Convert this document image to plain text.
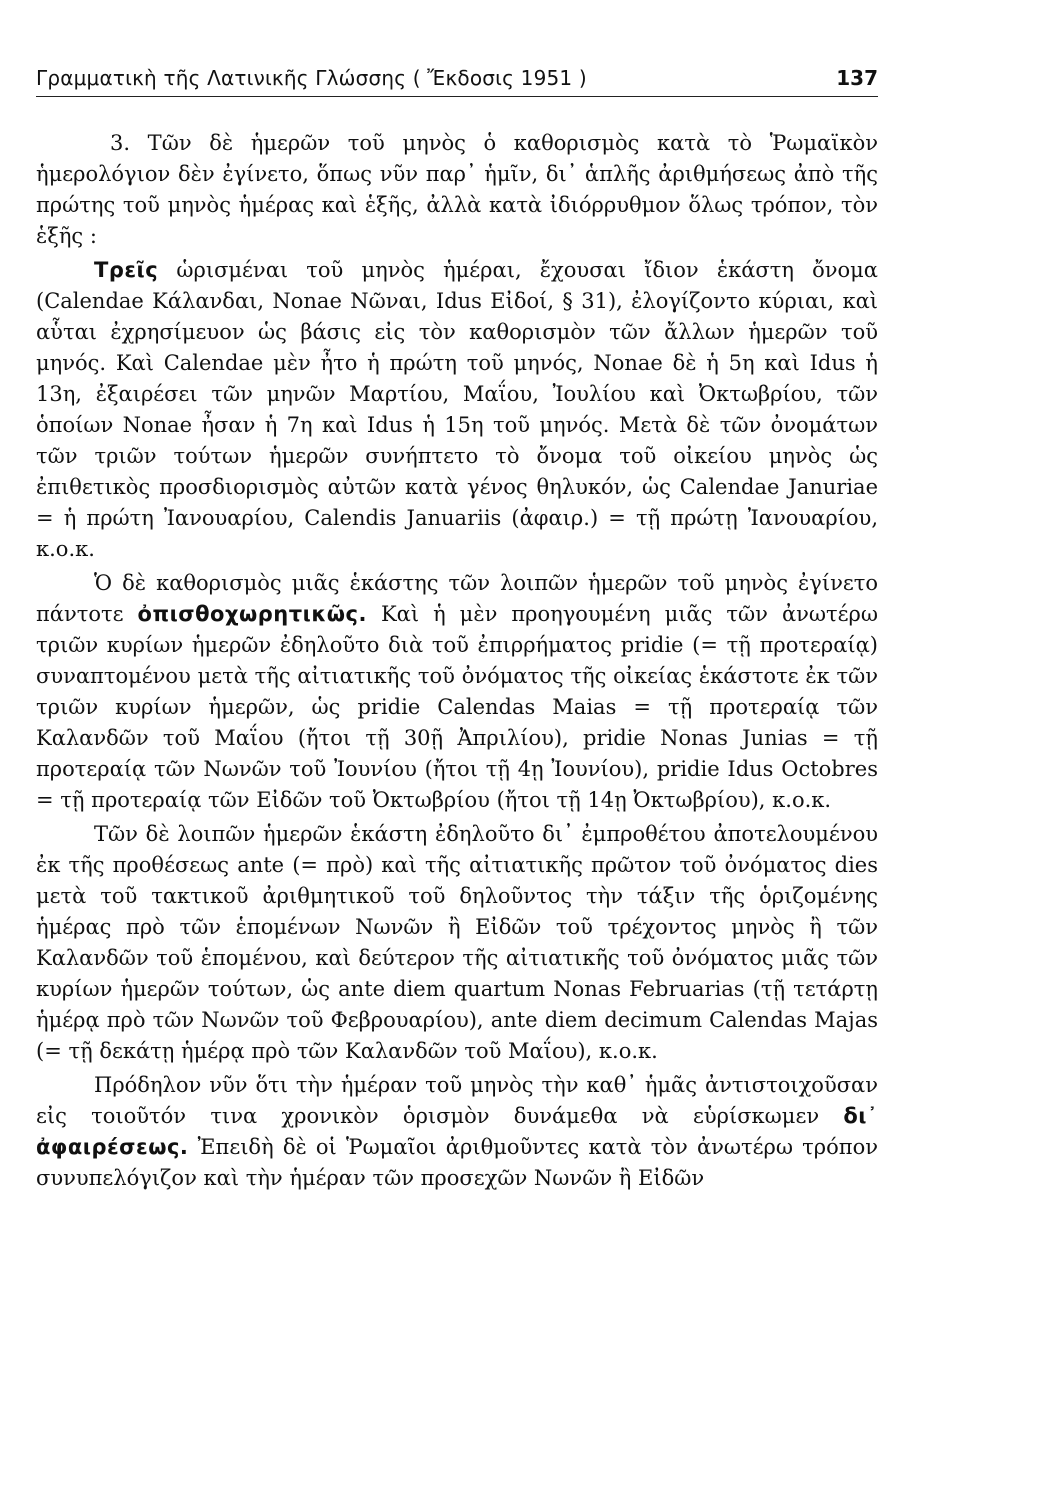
Γραμματικὴ τῆς Λατινικῆς Γλώσσης ( Ἔκδοσις 1951 )	137

3. Τῶν δὲ ἡμερῶν τοῦ μηνὸς ὁ καθορισμὸς κατὰ τὸ Ῥωμαϊκὸν ἡμερολόγιον δὲν ἐγίνετο, ὅπως νῦν παρ᾽ ἡμῖν, δι᾽ ἁπλῆς ἀριθμήσεως ἀπὸ τῆς πρώτης τοῦ μηνὸς ἡμέρας καὶ ἑξῆς, ἀλλὰ κατὰ ἰδιόρρυθμον ὅλως τρόπον, τὸν ἑξῆς :

Τρεῖς ὡρισμέναι τοῦ μηνὸς ἡμέραι, ἔχουσαι ἴδιον ἑκάστη ὄνομα (Calendae Κάλανδαι, Nonae Νῶναι, Idus Εἰδοί, § 31), ἐλογίζοντο κύριαι, καὶ αὗται ἐχρησίμευον ὡς βάσις εἰς τὸν καθορισμὸν τῶν ἄλλων ἡμερῶν τοῦ μηνός. Καὶ Calendae μὲν ἦτο ἡ πρώτη τοῦ μηνός, Nonae δὲ ἡ 5η καὶ Idus ἡ 13η, ἐξαιρέσει τῶν μηνῶν Μαρτίου, Μαΐου, Ἰουλίου καὶ Ὀκτωβρίου, τῶν ὁποίων Nonae ἦσαν ἡ 7η καὶ Idus ἡ 15η τοῦ μηνός. Μετὰ δὲ τῶν ὀνομάτων τῶν τριῶν τούτων ἡμερῶν συνήπτετο τὸ ὄνομα τοῦ οἰκείου μηνὸς ὡς ἐπιθετικὸς προσδιορισμὸς αὐτῶν κατὰ γένος θηλυκόν, ὡς Calendae Januriae = ἡ πρώτη Ἰανουαρίου, Calendis Januariis (ἀφαιρ.) = τῇ πρώτῃ Ἰανουαρίου, κ.ο.κ.

Ὁ δὲ καθορισμὸς μιᾶς ἑκάστης τῶν λοιπῶν ἡμερῶν τοῦ μηνὸς ἐγίνετο πάντοτε ὀπισθοχωρητικῶς. Καὶ ἡ μὲν προηγουμένη μιᾶς τῶν ἀνωτέρω τριῶν κυρίων ἡμερῶν ἐδηλοῦτο διὰ τοῦ ἐπιρρήματος pridie (= τῇ προτεραίᾳ) συναπτομένου μετὰ τῆς αἰτιατικῆς τοῦ ὀνόματος τῆς οἰκείας ἑκάστοτε ἐκ τῶν τριῶν κυρίων ἡμερῶν, ὡς pridie Calendas Maias = τῇ προτεραίᾳ τῶν Καλανδῶν τοῦ Μαΐου (ἤτοι τῇ 30ῇ Ἀπριλίου), pridie Nonas Junias = τῇ προτεραίᾳ τῶν Νωνῶν τοῦ Ἰουνίου (ἤτοι τῇ 4ῃ Ἰουνίου), pridie Idus Octobres = τῇ προτεραίᾳ τῶν Εἰδῶν τοῦ Ὀκτωβρίου (ἤτοι τῇ 14ῃ Ὀκτωβρίου), κ.ο.κ.

Τῶν δὲ λοιπῶν ἡμερῶν ἑκάστη ἐδηλοῦτο δι᾽ ἐμπροθέτου ἀποτελουμένου ἐκ τῆς προθέσεως ante (= πρὸ) καὶ τῆς αἰτιατικῆς πρῶτον τοῦ ὀνόματος dies μετὰ τοῦ τακτικοῦ ἀριθμητικοῦ τοῦ δηλοῦντος τὴν τάξιν τῆς ὁριζομένης ἡμέρας πρὸ τῶν ἑπομένων Νωνῶν ἢ Εἰδῶν τοῦ τρέχοντος μηνὸς ἢ τῶν Καλανδῶν τοῦ ἑπομένου, καὶ δεύτερον τῆς αἰτιατικῆς τοῦ ὀνόματος μιᾶς τῶν κυρίων ἡμερῶν τούτων, ὡς ante diem quartum Nonas Februarias (τῇ τετάρτῃ ἡμέρᾳ πρὸ τῶν Νωνῶν τοῦ Φεβρουαρίου), ante diem decimum Calendas Majas (= τῇ δεκάτῃ ἡμέρᾳ πρὸ τῶν Καλανδῶν τοῦ Μαΐου), κ.ο.κ.

Πρόδηλον νῦν ὅτι τὴν ἡμέραν τοῦ μηνὸς τὴν καθ᾽ ἡμᾶς ἀντιστοιχοῦσαν εἰς τοιοῦτόν τινα χρονικὸν ὁρισμὸν δυνάμεθα νὰ εὑρίσκωμεν δι᾽ ἀφαιρέσεως. Ἐπειδὴ δὲ οἱ Ῥωμαῖοι ἀριθμοῦντες κατὰ τὸν ἀνωτέρω τρόπον συνυπελόγιζον καὶ τὴν ἡμέραν τῶν προσεχῶν Νωνῶν ἢ Εἰδῶν
